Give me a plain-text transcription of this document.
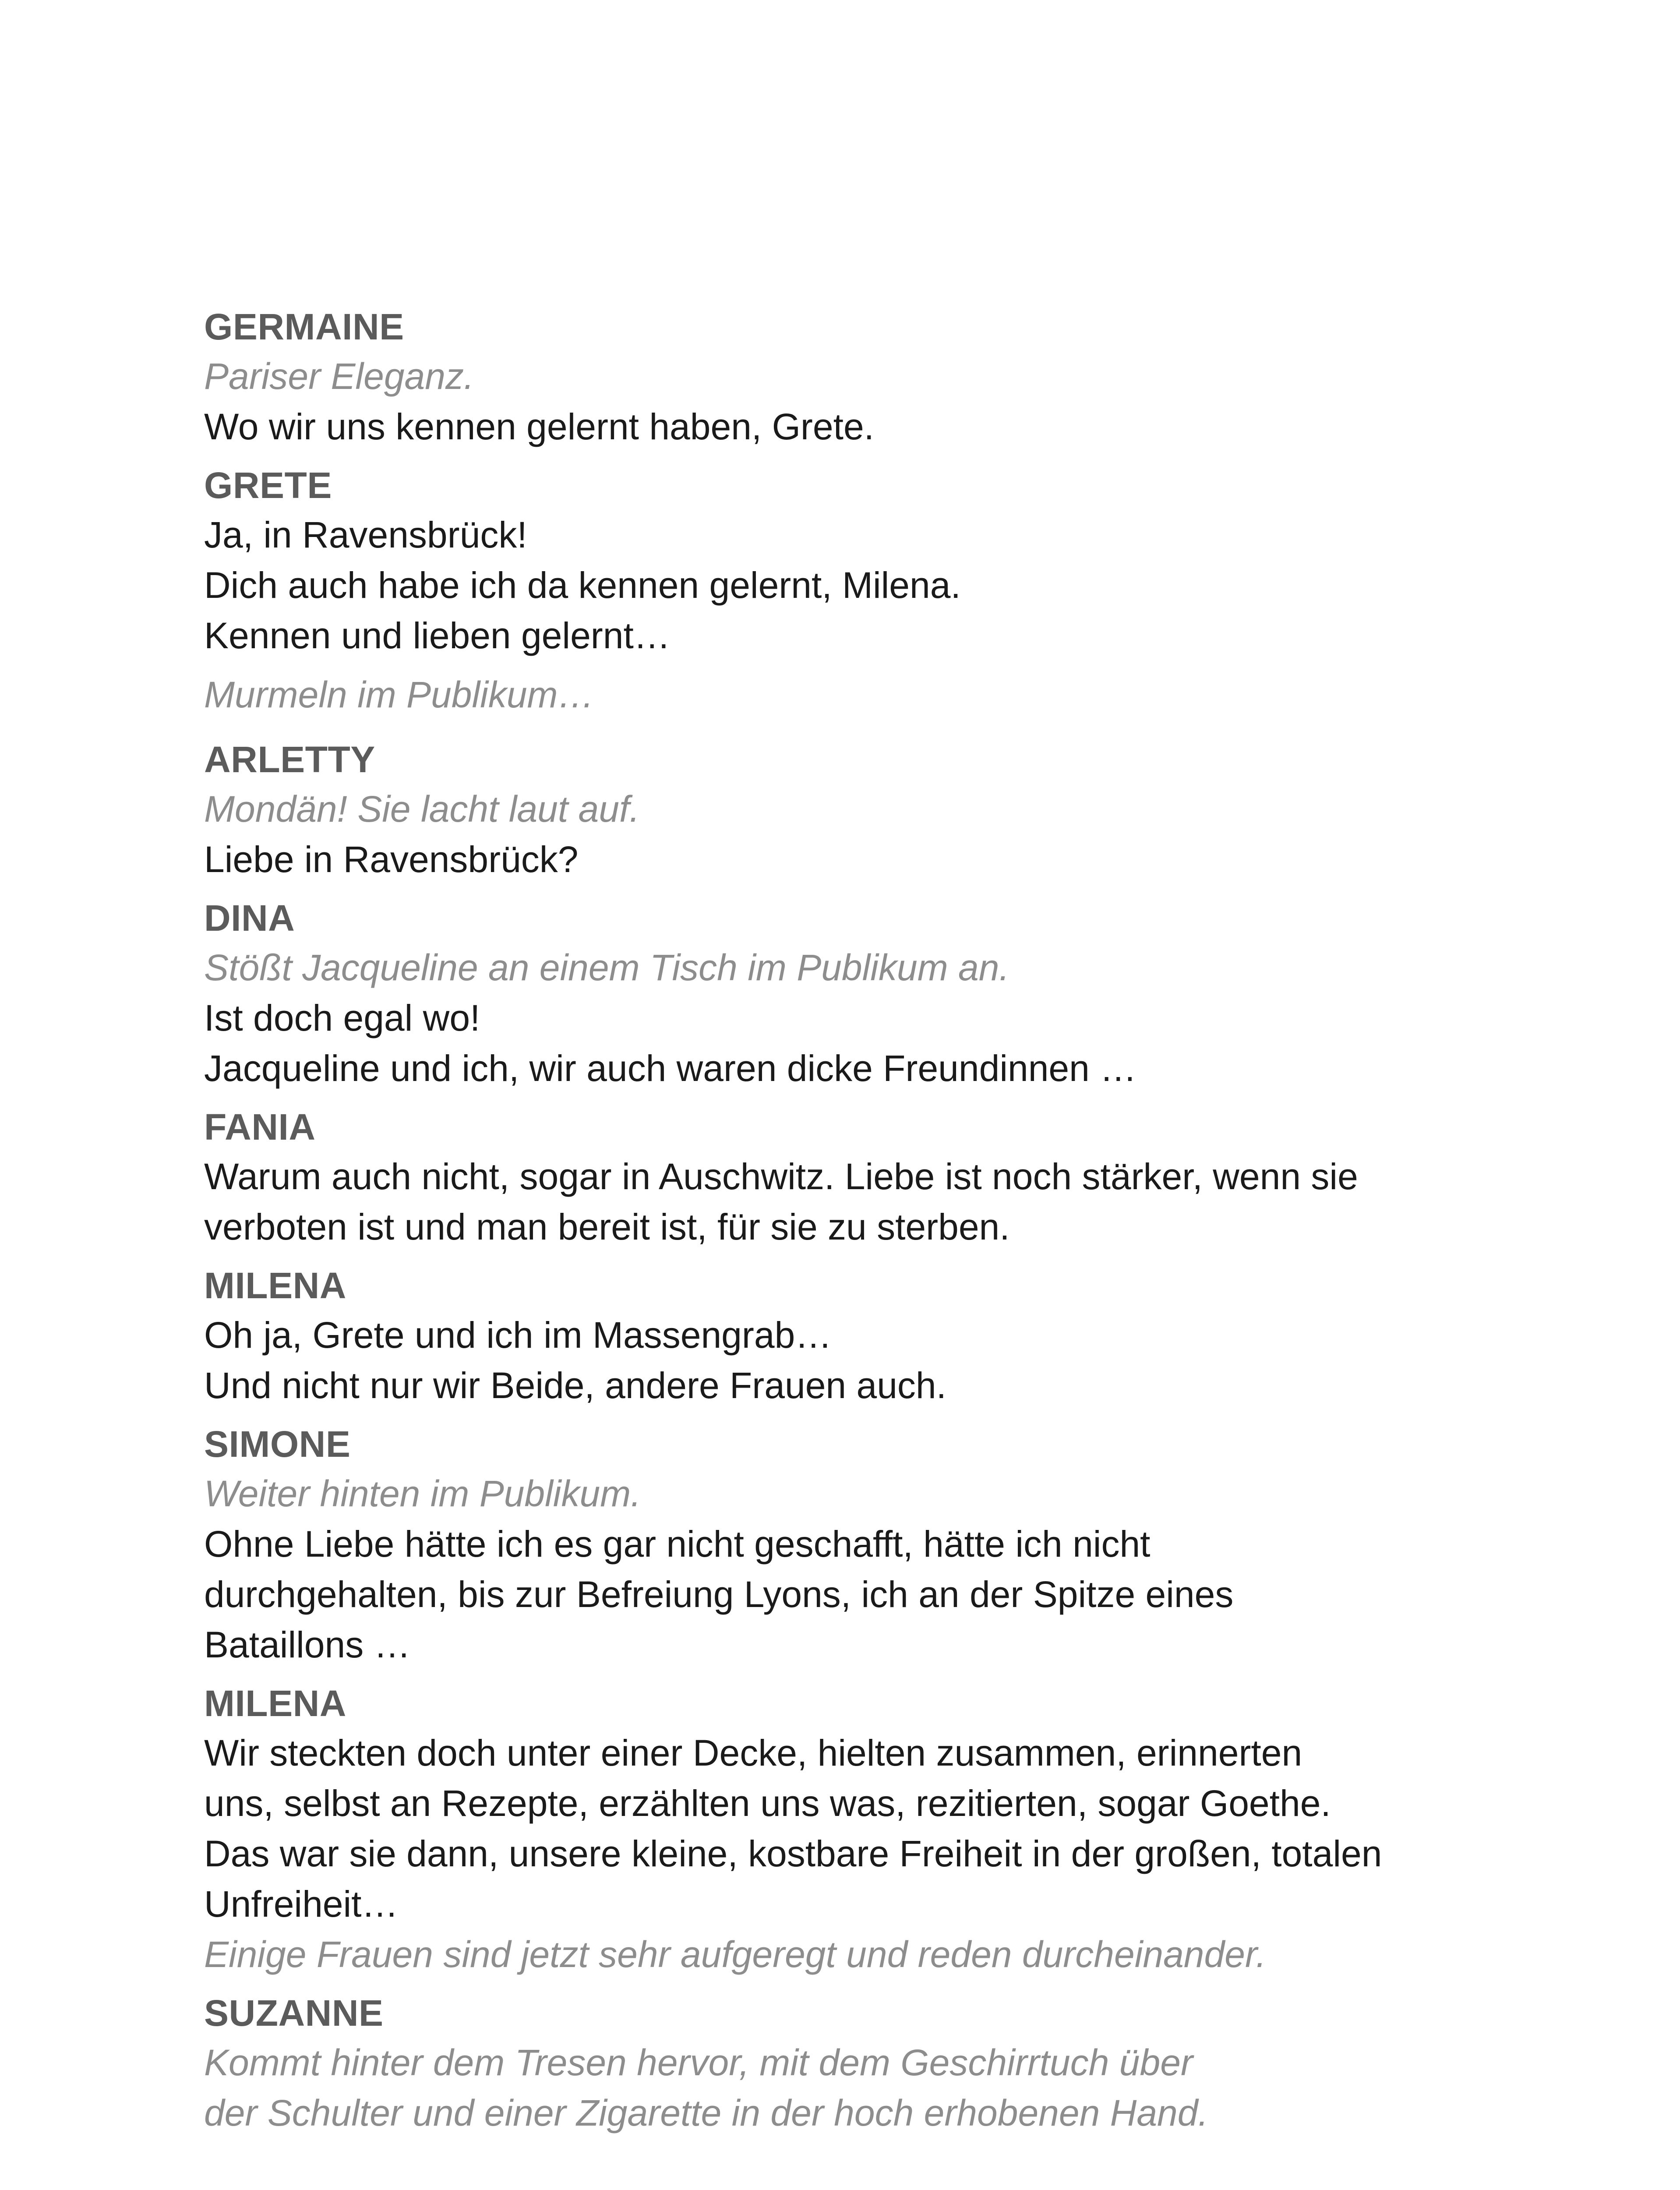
GERMAINE

Pariser Eleganz.

Wo wir uns kennen gelernt haben, Grete.

GRETE

Ja, in Ravensbrück!

Dich auch habe ich da kennen gelernt, Milena.

Kennen und lieben gelernt…

Murmeln im Publikum…

ARLETTY

Mondän! Sie lacht laut auf.

Liebe in Ravensbrück?

DINA

Stößt Jacqueline an einem Tisch im Publikum an.

Ist doch egal wo!

Jacqueline und ich, wir auch waren dicke Freundinnen …

FANIA

Warum auch nicht, sogar in Auschwitz. Liebe ist noch stärker, wenn sie

verboten ist und man bereit ist, für sie zu sterben.

MILENA

Oh ja, Grete und ich im Massengrab…

Und nicht nur wir Beide, andere Frauen auch.

SIMONE

Weiter hinten im Publikum.

Ohne Liebe hätte ich es gar nicht geschafft, hätte ich nicht

durchgehalten, bis zur Befreiung Lyons, ich an der Spitze eines

Bataillons …

MILENA

Wir steckten doch unter einer Decke, hielten zusammen, erinnerten

uns, selbst an Rezepte, erzählten uns was, rezitierten, sogar Goethe.

Das war sie dann, unsere kleine, kostbare Freiheit in der großen, totalen

Unfreiheit…

Einige Frauen sind jetzt sehr aufgeregt und reden durcheinander.

SUZANNE

Kommt hinter dem Tresen hervor, mit dem Geschirrtuch über

der Schulter und einer Zigarette in der hoch erhobenen Hand.
